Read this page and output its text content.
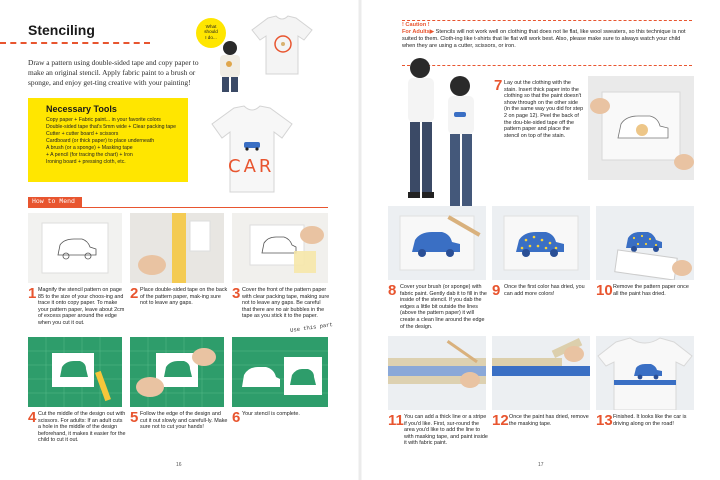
Stenciling
Draw a pattern using double-sided tape and copy paper to make an original stencil. Apply fabric paint to a brush or sponge, and enjoy get-ting creative with your painting!
What
should
I do...
CAR
Necessary Tools
Copy paper + Fabric paint... in your favorite colors
Double-sided tape that's 5mm wide + Clear packing tape
Cutter + cutter board + scissors
Cardboard (or thick paper) to place underneath
A brush (or a sponge) + Masking tape
+ A pencil (for tracing the chart) + Iron
Ironing board + pressing cloth, etc.
How to Mend
1 Magnify the stencil pattern on page 85 to the size of your choos-ing and trace it onto copy paper. To make your pattern paper, leave about 2cm of excess paper around the edge when you cut it out.
2 Place double-sided tape on the back of the pattern paper, mak-ing sure not to leave any gaps.
3 Cover the front of the pattern paper with clear packing tape, making sure not to leave any gaps. Be careful that there are no air bubbles in the tape as you stick it to the paper.
4 Cut the middle of the design out with scissors. For adults: If an adult cuts a hole in the middle of the design beforehand, it makes it easier for the child to cut it out.
5 Follow the edge of the design and cut it out slowly and carefull-ly. Make sure not to cut your hands!
Use this part
6 Your stencil is complete.
16
! Caution !
For Adults▶ Stencils will not work well on clothing that does not lie flat, like wool sweaters, so this technique is not suited to them. Cloth-ing like t-shirts that lie flat will work best. Also, please make sure to always watch your child when they are using a cutter, scissors, or iron.
7 Lay out the clothing with the stain. Insert thick paper into the clothing so that the paint doesn't show through on the other side (in the same way you did for step 2 on page 12). Peel the back of the dou-ble-sided tape off the pattern paper and place the stencil on top of the stain.
8 Cover your brush (or sponge) with fabric paint. Gently dab it to fill in the inside of the stencil. If you dab the edges a little bit outside the lines (above the pattern paper) it will create a clean line around the edge of the design.
9 Once the first color has dried, you can add more colors!	10 Remove the pattern paper once all the paint has dried.
11 You can add a thick line or a stripe if you'd like. First, sur-round the area you'd like to add the line to with masking tape, and paint inside it with fabric paint.
12 Once the paint has dried, remove the masking tape.	13 Finished. It looks like the car is driving along on the road!
17
